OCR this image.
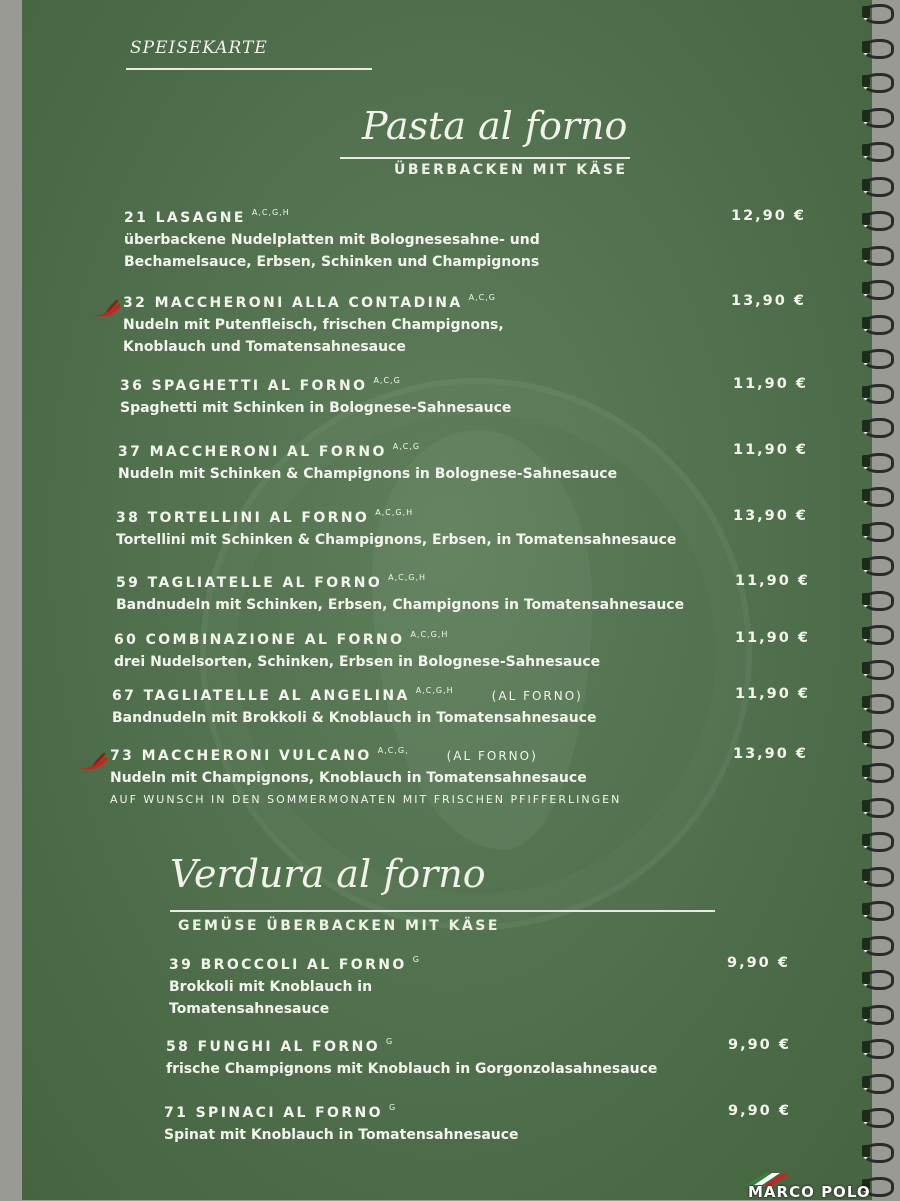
SPEISEKARTE
Pasta al forno
ÜBERBACKEN MIT KÄSE
Verdura al forno
GEMÜSE ÜBERBACKEN MIT KÄSE
21 LASAGNE $^{A,C,G,H}$
überbackene Nudelplatten mit Bolognesesahne- und Bechamelsauce, Erbsen, Schinken und Champignons
12,90 €
32 MACCHERONI ALLA CONTADINA $^{A,C,G}$
Nudeln mit Putenfleisch, frischen Champignons, Knoblauch und Tomatensahnesauce
13,90 €
36 SPAGHETTI AL FORNO $^{A,C,G}$
Spaghetti mit Schinken in Bolognese-Sahnesauce
11,90 €
37 MACCHERONI AL FORNO $^{A,C,G}$
Nudeln mit Schinken & Champignons in Bolognese-Sahnesauce
11,90 €
38 TORTELLINI AL FORNO $^{A,C,G,H}$
Tortellini mit Schinken & Champignons, Erbsen, in Tomatensahnesauce
13,90 €
59 TAGLIATELLE AL FORNO $^{A,C,G,H}$
Bandnudeln mit Schinken, Erbsen, Champignons in Tomatensahnesauce
11,90 €
60 COMBINAZIONE AL FORNO $^{A,C,G,H}$
drei Nudelsorten, Schinken, Erbsen in Bolognese-Sahnesauce
11,90 €
67 TAGLIATELLE AL ANGELINA $^{A,C,G,H}$	(AL FORNO)
Bandnudeln mit Brokkoli & Knoblauch in Tomatensahnesauce
11,90 €
73 MACCHERONI VULCANO $^{A,C,G,}$	(AL FORNO)
Nudeln mit Champignons, Knoblauch in Tomatensahnesauce
AUF WUNSCH IN DEN SOMMERMONATEN MIT FRISCHEN PFIFFERLINGEN
13,90 €
39 BROCCOLI AL FORNO $^G$
Brokkoli mit Knoblauch in Tomatensahnesauce
9,90 €
58 FUNGHI AL FORNO $^G$
frische Champignons mit Knoblauch in Gorgonzolasahnesauce
9,90 €
71 SPINACI AL FORNO $^G$
Spinat mit Knoblauch in Tomatensahnesauce
9,90 €
MARCO POLO
